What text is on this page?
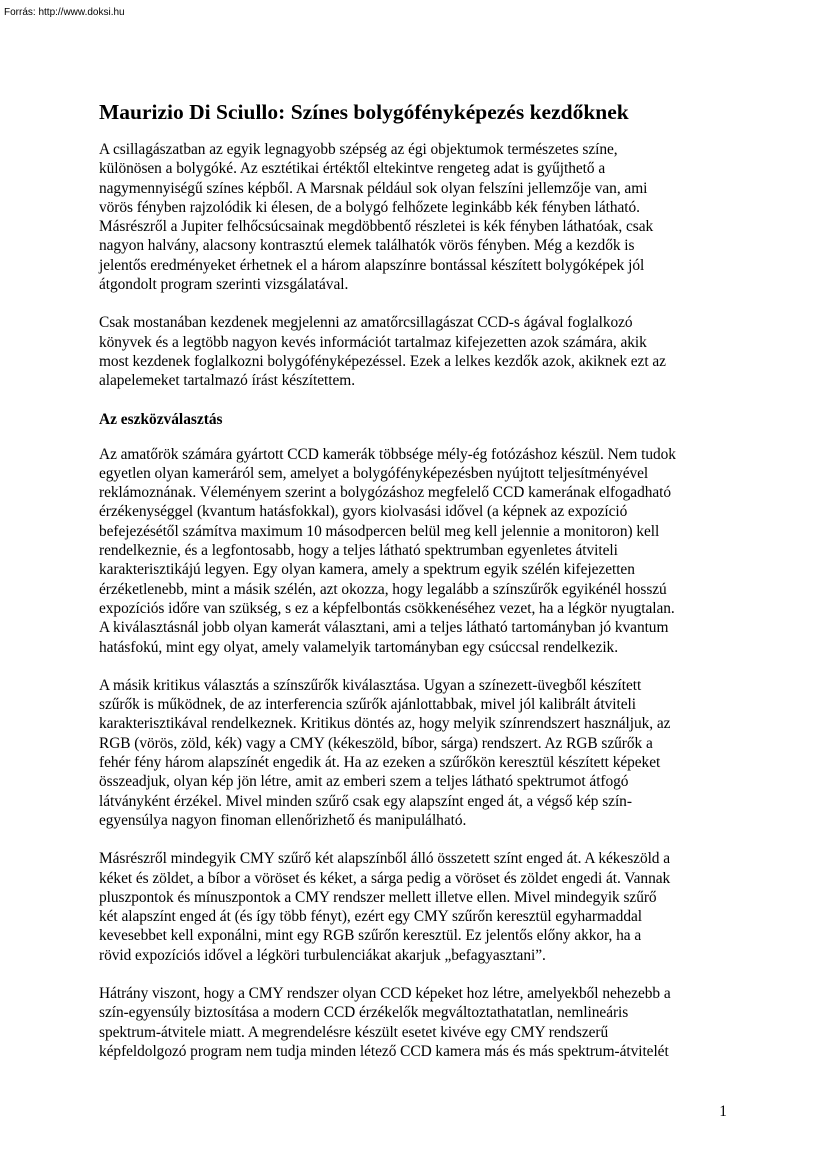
Forrás: http://www.doksi.hu
Maurizio Di Sciullo: Színes bolygófényképezés kezdőknek

A csillagászatban az egyik legnagyobb szépség az égi objektumok természetes színe,
különösen a bolygóké. Az esztétikai értéktől eltekintve rengeteg adat is gyűjthető a
nagymennyiségű színes képből. A Marsnak például sok olyan felszíni jellemzője van, ami
vörös fényben rajzolódik ki élesen, de a bolygó felhőzete leginkább kék fényben látható.
Másrészről a Jupiter felhőcsúcsainak megdöbbentő részletei is kék fényben láthatóak, csak
nagyon halvány, alacsony kontrasztú elemek találhatók vörös fényben. Még a kezdők is
jelentős eredményeket érhetnek el a három alapszínre bontással készített bolygóképek jól
átgondolt program szerinti vizsgálatával.

Csak mostanában kezdenek megjelenni az amatőrcsillagászat CCD-s ágával foglalkozó
könyvek és a legtöbb nagyon kevés információt tartalmaz kifejezetten azok számára, akik
most kezdenek foglalkozni bolygófényképezéssel. Ezek a lelkes kezdők azok, akiknek ezt az
alapelemeket tartalmazó írást készítettem.

Az eszközválasztás

Az amatőrök számára gyártott CCD kamerák többsége mély-ég fotózáshoz készül. Nem tudok
egyetlen olyan kameráról sem, amelyet a bolygófényképezésben nyújtott teljesítményével
reklámoznának. Véleményem szerint a bolygózáshoz megfelelő CCD kamerának elfogadható
érzékenységgel (kvantum hatásfokkal), gyors kiolvasási idővel (a képnek az expozíció
befejezésétől számítva maximum 10 másodpercen belül meg kell jelennie a monitoron) kell
rendelkeznie, és a legfontosabb, hogy a teljes látható spektrumban egyenletes átviteli
karakterisztikájú legyen. Egy olyan kamera, amely a spektrum egyik szélén kifejezetten
érzéketlenebb, mint a másik szélén, azt okozza, hogy legalább a színszűrők egyikénél hosszú
expozíciós időre van szükség, s ez a képfelbontás csökkenéséhez vezet, ha a légkör nyugtalan.
A kiválasztásnál jobb olyan kamerát választani, ami a teljes látható tartományban jó kvantum
hatásfokú, mint egy olyat, amely valamelyik tartományban egy csúccsal rendelkezik.

A másik kritikus választás a színszűrők kiválasztása. Ugyan a színezett-üvegből készített
szűrők is működnek, de az interferencia szűrők ajánlottabbak, mivel jól kalibrált átviteli
karakterisztikával rendelkeznek. Kritikus döntés az, hogy melyik színrendszert használjuk, az
RGB (vörös, zöld, kék) vagy a CMY (kékeszöld, bíbor, sárga) rendszert. Az RGB szűrők a
fehér fény három alapszínét engedik át. Ha az ezeken a szűrőkön keresztül készített képeket
összeadjuk, olyan kép jön létre, amit az emberi szem a teljes látható spektrumot átfogó
látványként érzékel. Mivel minden szűrő csak egy alapszínt enged át, a végső kép szín-
egyensúlya nagyon finoman ellenőrizhető és manipulálható.

Másrészről mindegyik CMY szűrő két alapszínből álló összetett színt enged át. A kékeszöld a
kéket és zöldet, a bíbor a vöröset és kéket, a sárga pedig a vöröset és zöldet engedi át. Vannak
pluszpontok és mínuszpontok a CMY rendszer mellett illetve ellen. Mivel mindegyik szűrő
két alapszínt enged át (és így több fényt), ezért egy CMY szűrőn keresztül egyharmaddal
kevesebbet kell exponálni, mint egy RGB szűrőn keresztül. Ez jelentős előny akkor, ha a
rövid expozíciós idővel a légköri turbulenciákat akarjuk „befagyasztani”.

Hátrány viszont, hogy a CMY rendszer olyan CCD képeket hoz létre, amelyekből nehezebb a
szín-egyensúly biztosítása a modern CCD érzékelők megváltoztathatatlan, nemlineáris
spektrum-átvitele miatt. A megrendelésre készült esetet kivéve egy CMY rendszerű
képfeldolgozó program nem tudja minden létező CCD kamera más és más spektrum-átvitelét

1
